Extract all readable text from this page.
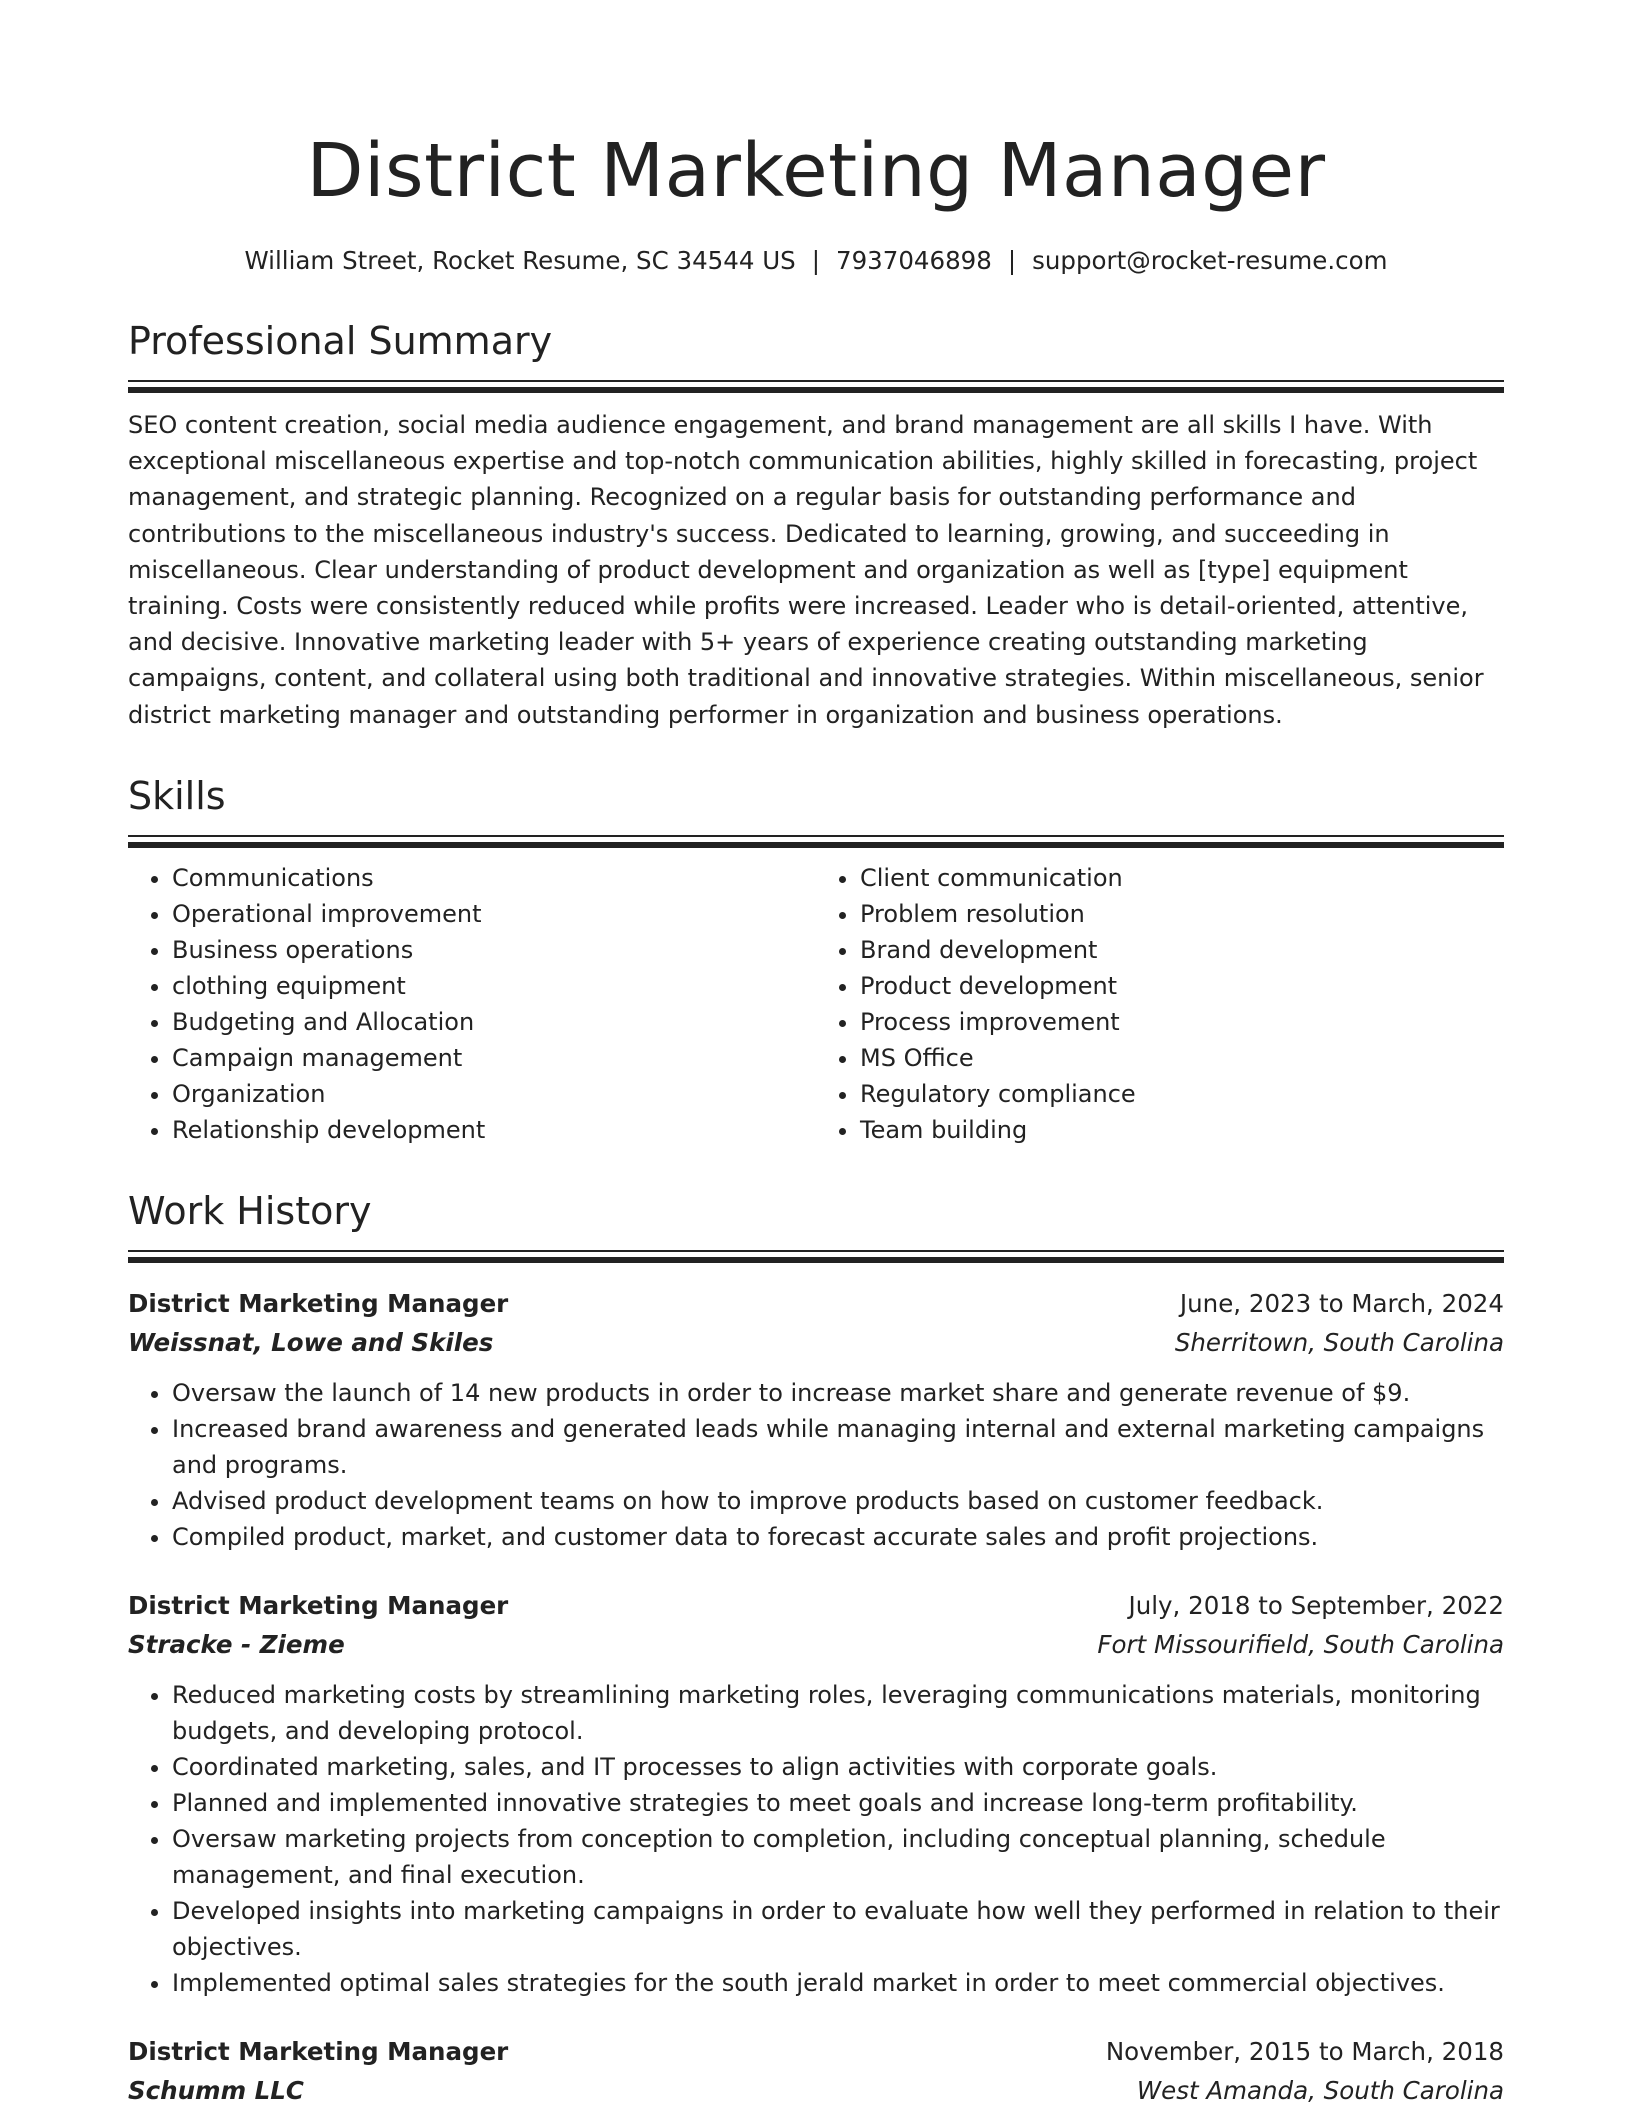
District Marketing Manager
William Street, Rocket Resume, SC 34544 US | 7937046898 | support@rocket-resume.com
Professional Summary

SEO content creation, social media audience engagement, and brand management are all skills I have. With exceptional miscellaneous expertise and top-notch communication abilities, highly skilled in forecasting, project management, and strategic planning. Recognized on a regular basis for outstanding performance and contributions to the miscellaneous industry's success. Dedicated to learning, growing, and succeeding in miscellaneous. Clear understanding of product development and organization as well as [type] equipment training. Costs were consistently reduced while profits were increased. Leader who is detail-oriented, attentive, and decisive. Innovative marketing leader with 5+ years of experience creating outstanding marketing campaigns, content, and collateral using both traditional and innovative strategies. Within miscellaneous, senior district marketing manager and outstanding performer in organization and business operations.

Skills
• Communications
• Operational improvement
• Business operations
• clothing equipment
• Budgeting and Allocation
• Campaign management
• Organization
• Relationship development
• Client communication
• Problem resolution
• Brand development
• Product development
• Process improvement
• MS Office
• Regulatory compliance
• Team building
Work History
District Marketing Manager	June, 2023 to March, 2024
Weissnat, Lowe and Skiles	Sherritown, South Carolina
• Oversaw the launch of 14 new products in order to increase market share and generate revenue of $9.
• Increased brand awareness and generated leads while managing internal and external marketing campaigns and programs.
• Advised product development teams on how to improve products based on customer feedback.
• Compiled product, market, and customer data to forecast accurate sales and profit projections.
District Marketing Manager	July, 2018 to September, 2022
Stracke - Zieme	Fort Missourifield, South Carolina
• Reduced marketing costs by streamlining marketing roles, leveraging communications materials, monitoring budgets, and developing protocol.
• Coordinated marketing, sales, and IT processes to align activities with corporate goals.
• Planned and implemented innovative strategies to meet goals and increase long-term profitability.
• Oversaw marketing projects from conception to completion, including conceptual planning, schedule management, and final execution.
• Developed insights into marketing campaigns in order to evaluate how well they performed in relation to their objectives.
• Implemented optimal sales strategies for the south jerald market in order to meet commercial objectives.
District Marketing Manager	November, 2015 to March, 2018
Schumm LLC	West Amanda, South Carolina
